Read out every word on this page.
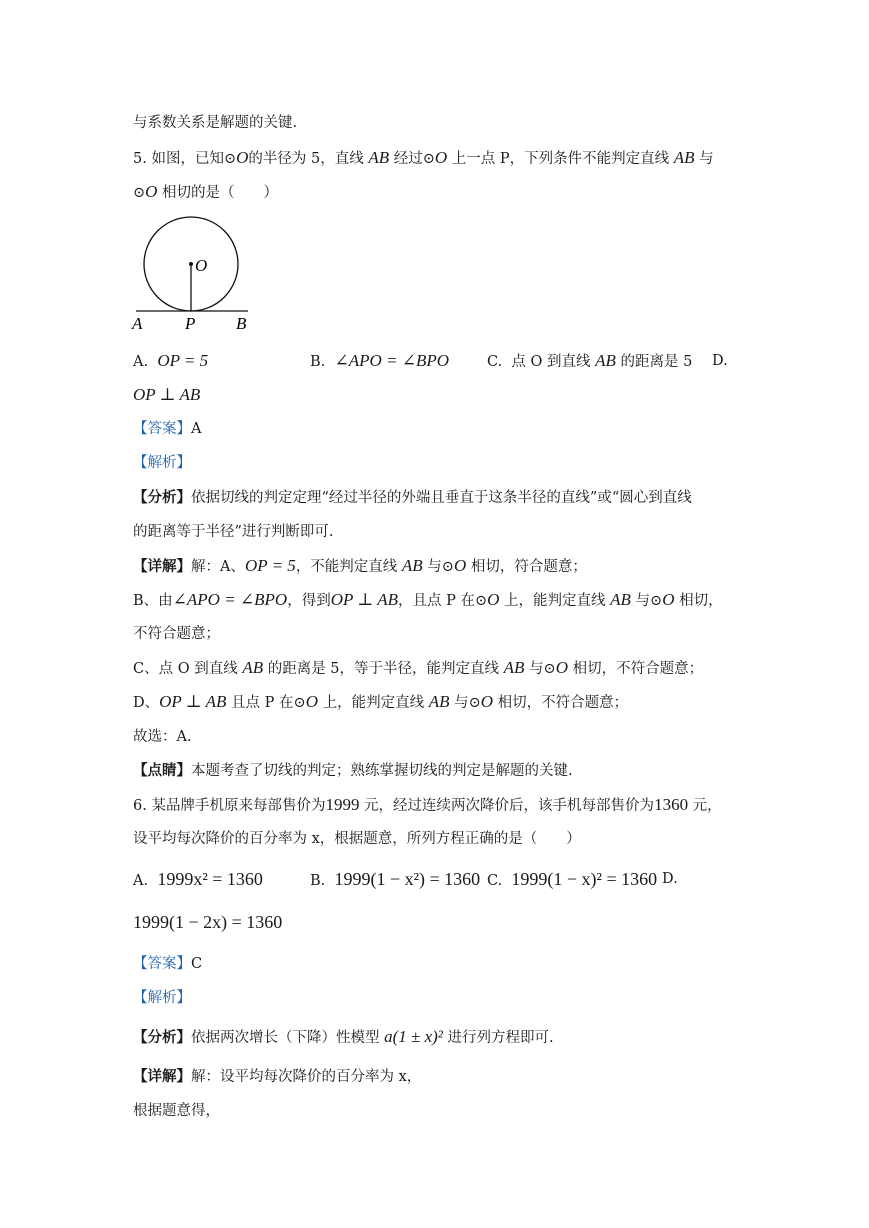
与系数关系是解题的关键.
5. 如图，已知⊙O的半径为 5，直线 AB 经过⊙O 上一点 P，下列条件不能判定直线 AB 与
⊙O 相切的是（　　）
O
A	P B
A. OP = 5	B. ∠APO = ∠BPO	C. 点 O 到直线 AB 的距离是 5 D.
OP ⊥ AB
【答案】A
【解析】
【分析】依据切线的判定定理“经过半径的外端且垂直于这条半径的直线”或“圆心到直线
的距离等于半径”进行判断即可.
【详解】解：A、OP = 5，不能判定直线 AB 与⊙O 相切，符合题意；
B、由∠APO = ∠BPO，得到OP ⊥ AB，且点 P 在⊙O 上，能判定直线 AB 与⊙O 相切，
不符合题意；
C、点 O 到直线 AB 的距离是 5，等于半径，能判定直线 AB 与⊙O 相切，不符合题意；
D、OP ⊥ AB 且点 P 在⊙O 上，能判定直线 AB 与⊙O 相切，不符合题意；
故选：A.
【点睛】本题考查了切线的判定；熟练掌握切线的判定是解题的关键.
6. 某品牌手机原来每部售价为1999 元，经过连续两次降价后，该手机每部售价为1360 元，
设平均每次降价的百分率为 x，根据题意，所列方程正确的是（　　）
A. 1999x² = 1360	B. 1999(1 − x²) = 1360 C. 1999(1 − x)² = 1360 D.
1999(1 − 2x) = 1360
【答案】C
【解析】
【分析】依据两次增长（下降）性模型 a(1 ± x)² 进行列方程即可.
【详解】解：设平均每次降价的百分率为 x，
根据题意得，
